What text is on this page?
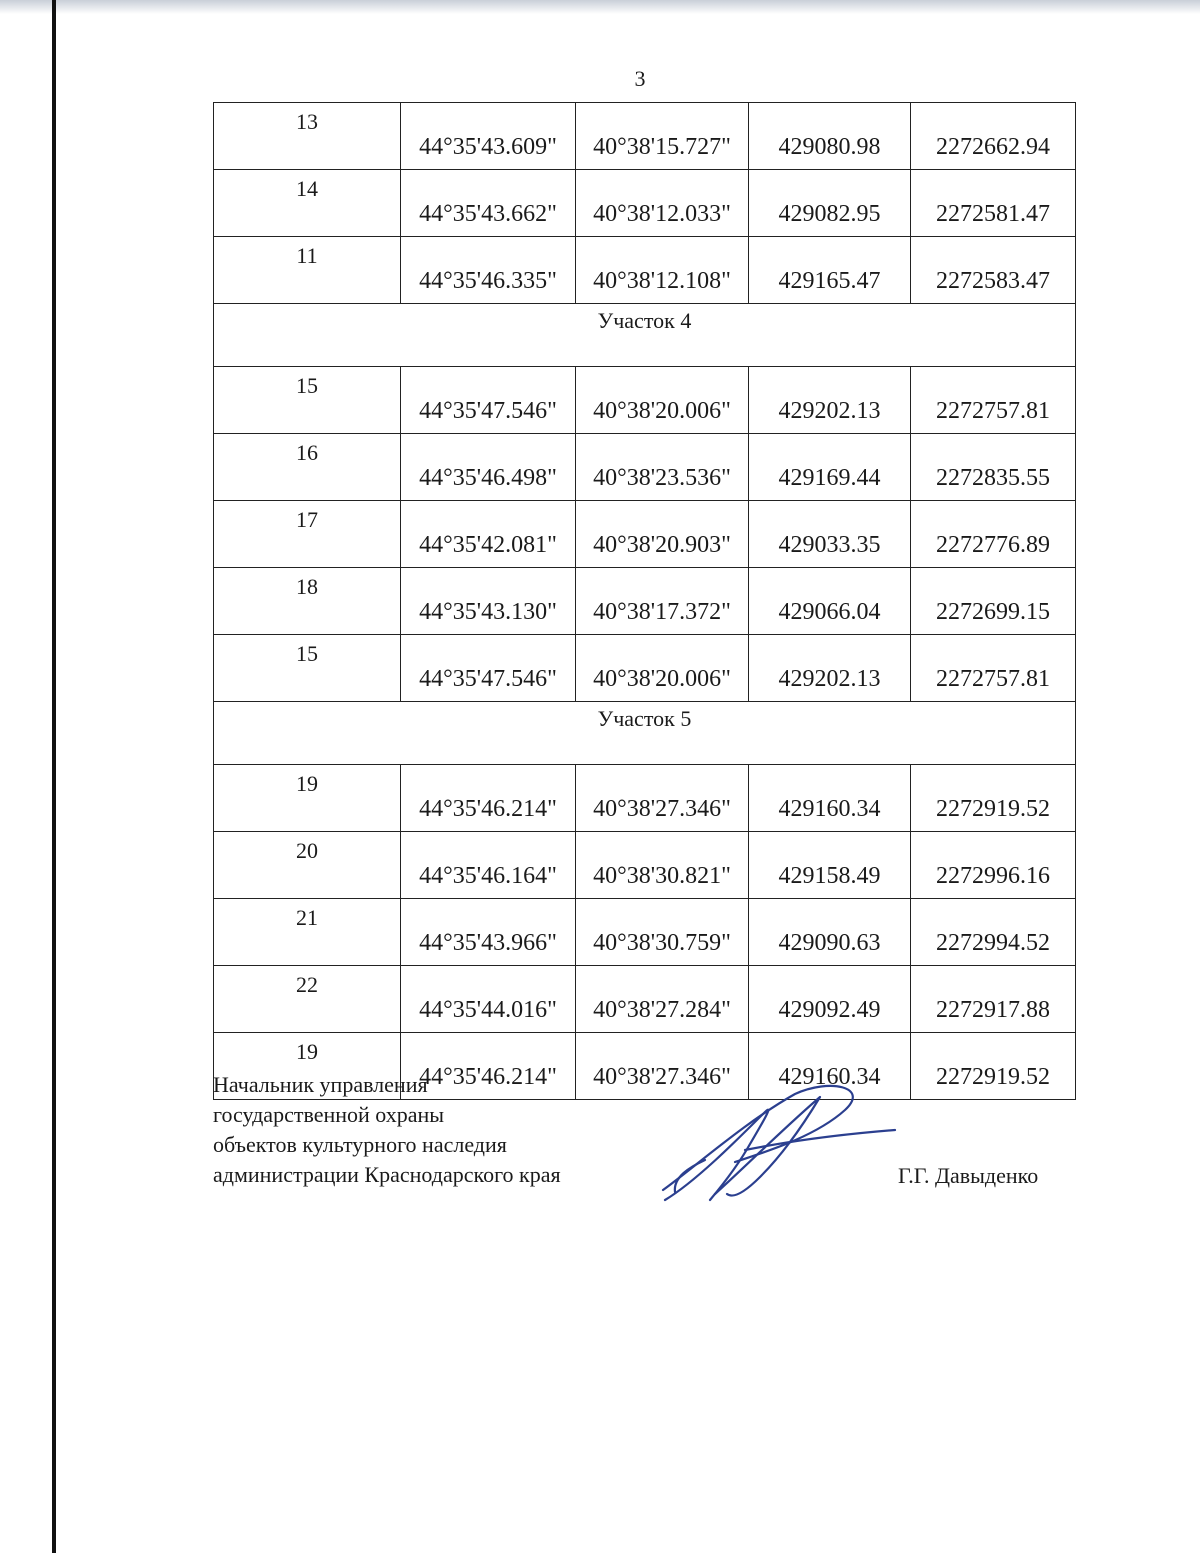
3
13	44°35'43.609"	40°38'15.727"	429080.98	2272662.94
14	44°35'43.662"	40°38'12.033"	429082.95	2272581.47
11	44°35'46.335"	40°38'12.108"	429165.47	2272583.47
Участок 4				
15	44°35'47.546"	40°38'20.006"	429202.13	2272757.81
16	44°35'46.498"	40°38'23.536"	429169.44	2272835.55
17	44°35'42.081"	40°38'20.903"	429033.35	2272776.89
18	44°35'43.130"	40°38'17.372"	429066.04	2272699.15
15	44°35'47.546"	40°38'20.006"	429202.13	2272757.81
Участок 5				
19	44°35'46.214"	40°38'27.346"	429160.34	2272919.52
20	44°35'46.164"	40°38'30.821"	429158.49	2272996.16
21	44°35'43.966"	40°38'30.759"	429090.63	2272994.52
22	44°35'44.016"	40°38'27.284"	429092.49	2272917.88
19	44°35'46.214"	40°38'27.346"	429160.34	2272919.52
Начальник управления
государственной охраны
объектов культурного наследия
администрации Краснодарского края	Г.Г. Давыденко
